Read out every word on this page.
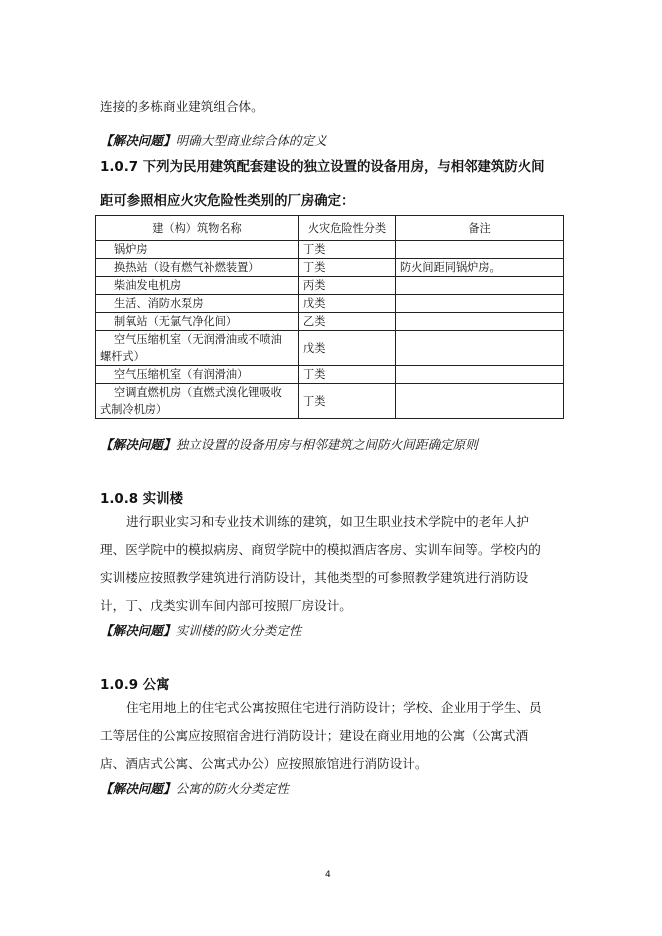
连接的多栋商业建筑组合体。
【解决问题】明确大型商业综合体的定义
1.0.7 下列为民用建筑配套建设的独立设置的设备用房，与相邻建筑防火间
距可参照相应火灾危险性类别的厂房确定：
建（构）筑物名称	火灾危险性分类	备注
锅炉房	丁类	
换热站（设有燃气补燃装置）	丁类	防火间距同锅炉房。
柴油发电机房	丙类	
生活、消防水泵房	戊类	
制氧站（无氯气净化间）	乙类	

空气压缩机室（无润滑油或不喷油
螺杆式）	戊类	
空气压缩机室（有润滑油）	丁类	

空调直燃机房（直燃式溴化锂吸收
式制冷机房）	丁类	
【解决问题】独立设置的设备用房与相邻建筑之间防火间距确定原则
1.0.8 实训楼
进行职业实习和专业技术训练的建筑，如卫生职业技术学院中的老年人护
理、医学院中的模拟病房、商贸学院中的模拟酒店客房、实训车间等。学校内的
实训楼应按照教学建筑进行消防设计，其他类型的可参照教学建筑进行消防设
计，丁、戊类实训车间内部可按照厂房设计。
【解决问题】实训楼的防火分类定性
1.0.9 公寓
住宅用地上的住宅式公寓按照住宅进行消防设计；学校、企业用于学生、员
工等居住的公寓应按照宿舍进行消防设计；建设在商业用地的公寓（公寓式酒
店、酒店式公寓、公寓式办公）应按照旅馆进行消防设计。
【解决问题】公寓的防火分类定性
4
